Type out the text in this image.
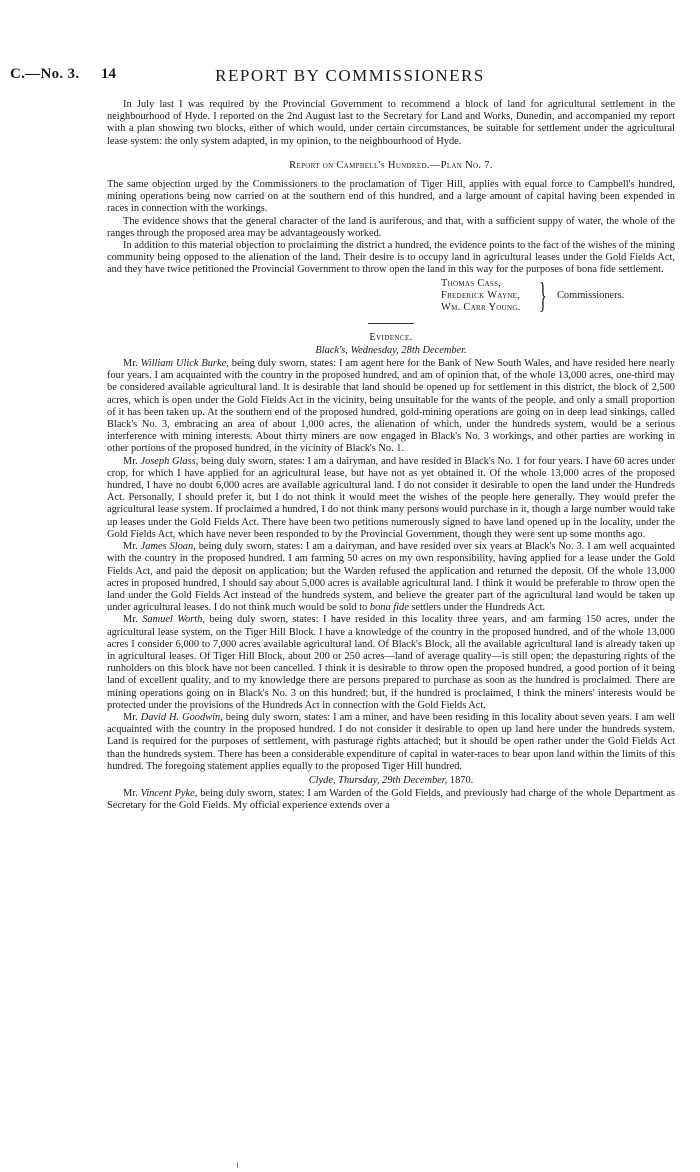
C.—No. 3. 14	REPORT BY COMMISSIONERS

In July last I was required by the Provincial Government to recommend a block of land for agricultural settlement in the neighbourhood of Hyde. I reported on the 2nd August last to the Secretary for Land and Works, Dunedin, and accompanied my report with a plan showing two blocks, either of which would, under certain circumstances, be suitable for settlement under the agricultural lease system: the only system adapted, in my opinion, to the neighbourhood of Hyde.

Report on Campbell's Hundred.—Plan No. 7.

The same objection urged by the Commissioners to the proclamation of Tiger Hill, applies with equal force to Campbell's hundred, mining operations being now carried on at the southern end of this hundred, and a large amount of capital having been expended in races in connection with the workings.

The evidence shows that the general character of the land is auriferous, and that, with a sufficient suppy of water, the whole of the ranges through the proposed area may be advantageously worked.

In addition to this material objection to proclaiming the district a hundred, the evidence points to the fact of the wishes of the mining community being opposed to the alienation of the land. Their desire is to occupy land in agricultural leases under the Gold Fields Act, and they have twice petitioned the Provincial Government to throw open the land in this way for the purposes of bona fide settlement.

Thomas Cass,
Frederick Wayne,
Wm. Carr Young. } Commissioners.
Evidence.
Black's, Wednesday, 28th December.

Mr. William Ulick Burke, being duly sworn, states: I am agent here for the Bank of New South Wales, and have resided here nearly four years. I am acquainted with the country in the proposed hundred, and am of opinion that, of the whole 13,000 acres, one-third may be considered available agricultural land. It is desirable that land should be opened up for settlement in this district, the block of 2,500 acres, which is open under the Gold Fields Act in the vicinity, being unsuitable for the wants of the people, and only a small proportion of it has been taken up. At the southern end of the proposed hundred, gold-mining operations are going on in deep lead sinkings, called Black's No. 3, embracing an area of about 1,000 acres, the alienation of which, under the hundreds system, would be a serious interference with mining interests. About thirty miners are now engaged in Black's No. 3 workings, and other parties are working in other portions of the proposed hundred, in the vicinity of Black's No. 1.

Mr. Joseph Glass, being duly sworn, states: I am a dairyman, and have resided in Black's No. 1 for four years. I have 60 acres under crop, for which I have applied for an agricultural lease, but have not as yet obtained it. Of the whole 13,000 acres of the proposed hundred, I have no doubt 6,000 acres are available agricultural land. I do not consider it desirable to open the land under the Hundreds Act. Personally, I should prefer it, but I do not think it would meet the wishes of the people here generally. They would prefer the agricultural lease system. If proclaimed a hundred, I do not think many persons would purchase in it, though a large number would take up leases under the Gold Fields Act. There have been two petitions numerously signed to have land opened up in the locality, under the Gold Fields Act, which have never been responded to by the Provincial Government, though they were sent up some months ago.

Mr. James Sloan, being duly sworn, states: I am a dairyman, and have resided over six years at Black's No. 3. I am well acquainted with the country in the proposed hundred. I am farming 50 acres on my own responsibility, having applied for a lease under the Gold Fields Act, and paid the deposit on application; but the Warden refused the application and returned the deposit. Of the whole 13,000 acres in proposed hundred, I should say about 5,000 acres is available agricultural land. I think it would be preferable to throw open the land under the Gold Fields Act instead of the hundreds system, and believe the greater part of the agricultural land would be taken up under agricultural leases. I do not think much would be sold to bona fide settlers under the Hundreds Act.

Mr. Samuel Worth, being duly sworn, states: I have resided in this locality three years, and am farming 150 acres, under the agricultural lease system, on the Tiger Hill Block. I have a knowledge of the country in the proposed hundred, and of the whole 13,000 acres I consider 6,000 to 7,000 acres available agricultural land. Of Black's Block, all the available agricultural land is already taken up in agricultural leases. Of Tiger Hill Block, about 200 or 250 acres—land of average quality—is still open; the depasturing rights of the runholders on this block have not been cancelled. I think it is desirable to throw open the proposed hundred, a good portion of it being land of excellent quality, and to my knowledge there are persons prepared to purchase as soon as the hundred is proclaimed. There are mining operations going on in Black's No. 3 on this hundred; but, if the hundred is proclaimed, I think the miners' interests would be protected under the provisions of the Hundreds Act in connection with the Gold Fields Act.

Mr. David H. Goodwin, being duly sworn, states: I am a miner, and have been residing in this locality about seven years. I am well acquainted with the country in the proposed hundred. I do not consider it desirable to open up land here under the hundreds system. Land is required for the purposes of settlement, with pasturage rights attached; but it should be open rather under the Gold Fields Act than the hundreds system. There has been a considerable expenditure of capital in water-races to bear upon land within the limits of this hundred. The foregoing statement applies equally to the proposed Tiger Hill hundred.

Clyde, Thursday, 29th December, 1870.

Mr. Vincent Pyke, being duly sworn, states: I am Warden of the Gold Fields, and previously had charge of the whole Department as Secretary for the Gold Fields. My official experience extends over a
